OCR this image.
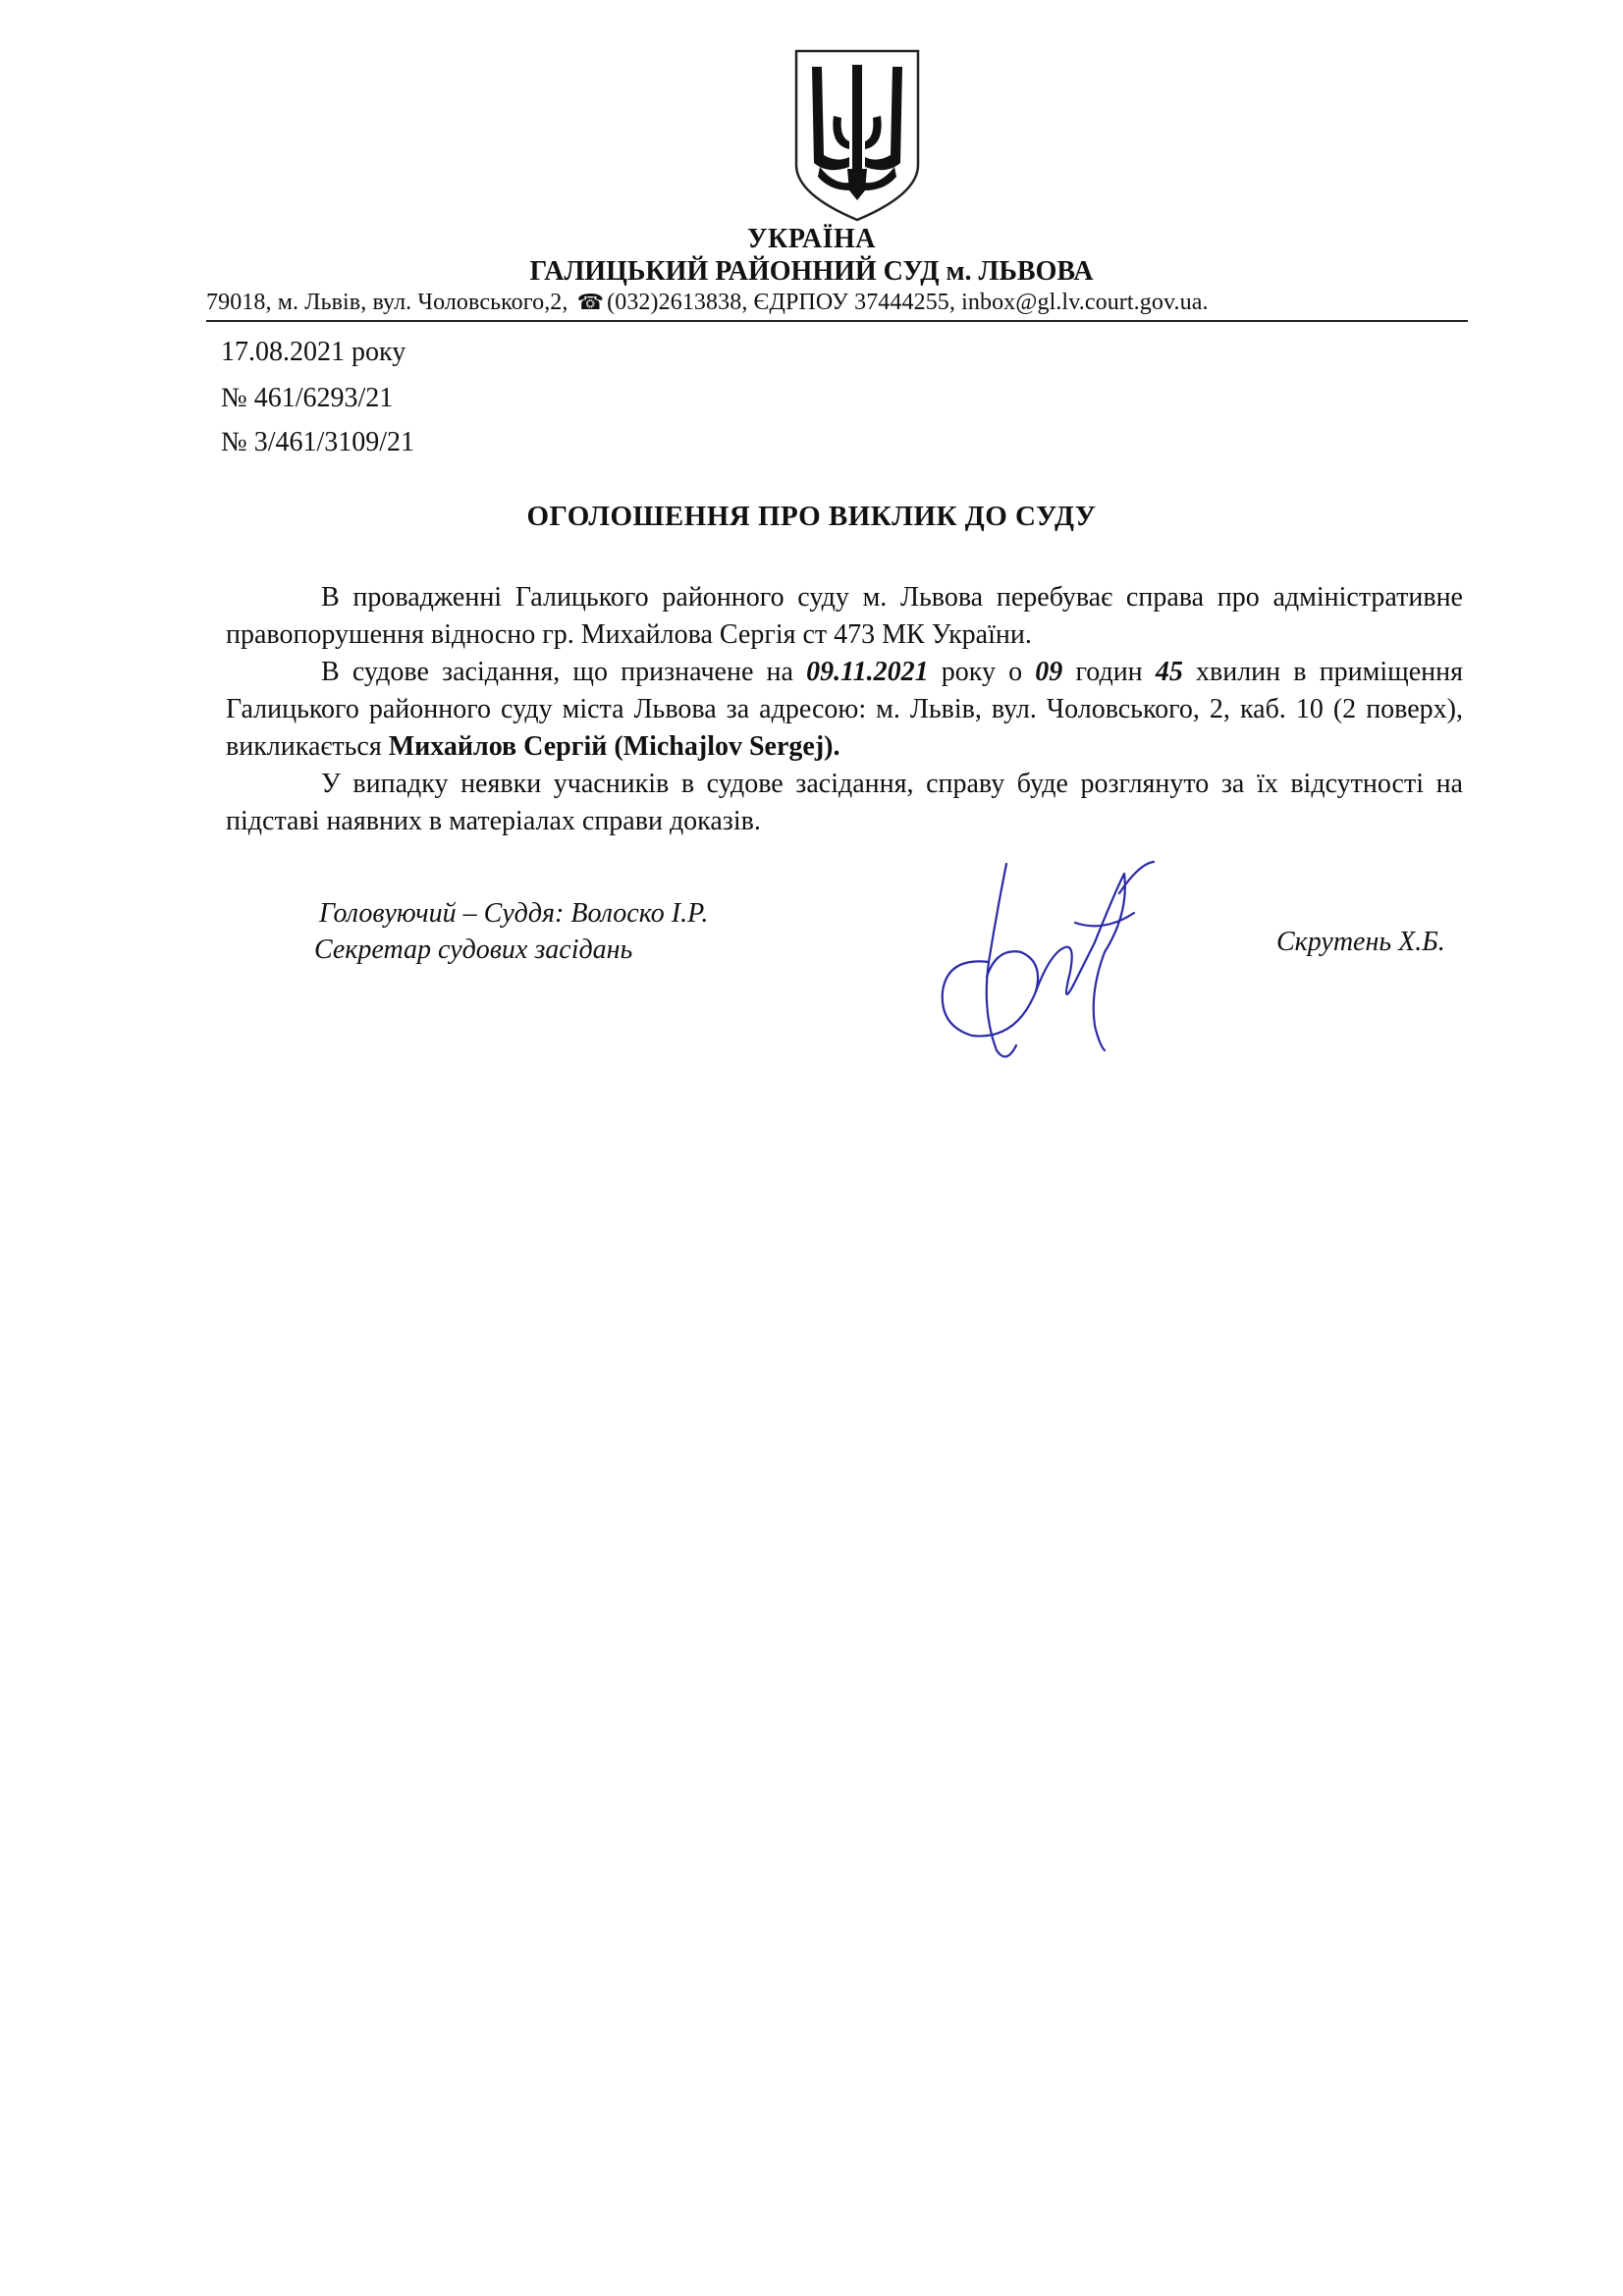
УКРАЇНА
ГАЛИЦЬКИЙ РАЙОННИЙ СУД м. ЛЬВОВА
79018, м. Львів, вул. Чоловського,2, ☎ (032)2613838, ЄДРПОУ 37444255, inbox@gl.lv.court.gov.ua.
17.08.2021 року
№ 461/6293/21
№ 3/461/3109/21
ОГОЛОШЕННЯ ПРО ВИКЛИК ДО СУДУ

В провадженні Галицького районного суду м. Львова перебуває справа про адміністративне правопорушення відносно гр. Михайлова Сергія ст 473 МК України.

В судове засідання, що призначене на 09.11.2021 року о 09 годин 45 хвилин в приміщення Галицького районного суду міста Львова за адресою: м. Львів, вул. Чоловського, 2, каб. 10 (2 поверх), викликається Михайлов Сергій (Michajlov Sergej).

У випадку неявки учасників в судове засідання, справу буде розглянуто за їх відсутності на підставі наявних в матеріалах справи доказів.

Головуючий – Суддя: Волоско І.Р.
Секретар судових засідань	Скрутень Х.Б.
